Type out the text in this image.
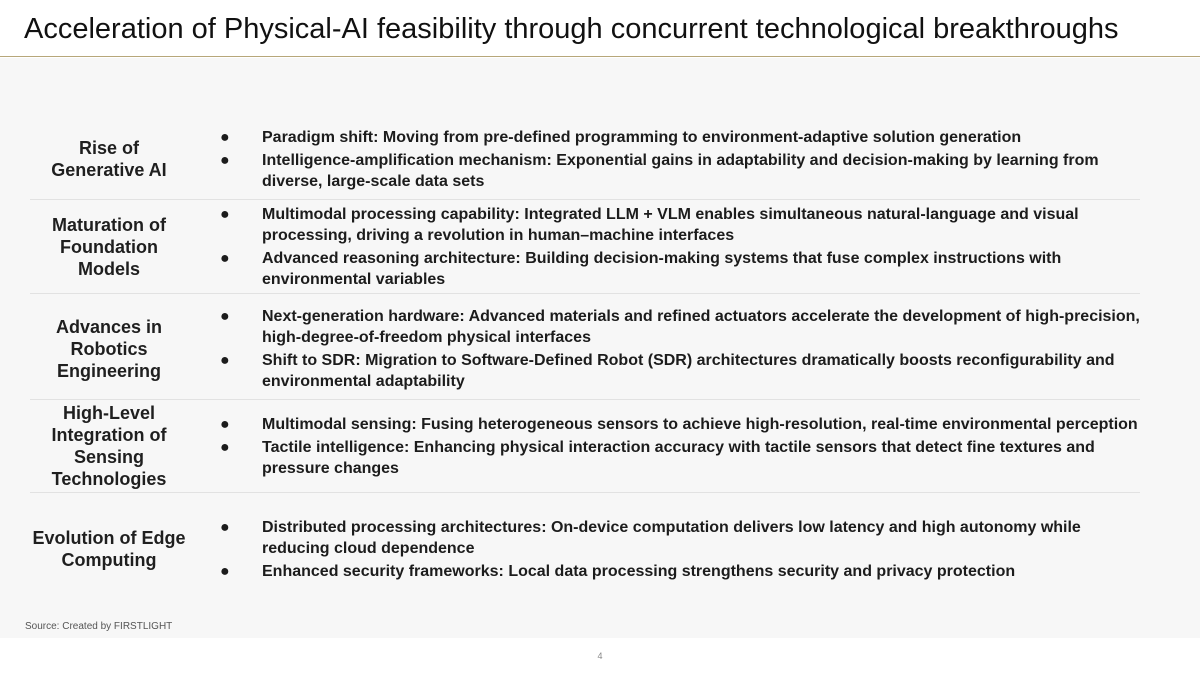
Acceleration of Physical-AI feasibility through concurrent technological breakthroughs
Rise of Generative AI
● Paradigm shift: Moving from pre-defined programming to environment-adaptive solution generation
● Intelligence-amplification mechanism: Exponential gains in adaptability and decision-making by learning from diverse, large-scale data sets
Maturation of Foundation Models
● Multimodal processing capability: Integrated LLM + VLM enables simultaneous natural-language and visual processing, driving a revolution in human–machine interfaces
● Advanced reasoning architecture: Building decision-making systems that fuse complex instructions with environmental variables
Advances in Robotics Engineering
● Next-generation hardware: Advanced materials and refined actuators accelerate the development of high-precision, high-degree-of-freedom physical interfaces
● Shift to SDR: Migration to Software-Defined Robot (SDR) architectures dramatically boosts reconfigurability and environmental adaptability
High-Level Integration of Sensing Technologies
● Multimodal sensing: Fusing heterogeneous sensors to achieve high-resolution, real-time environmental perception
● Tactile intelligence: Enhancing physical interaction accuracy with tactile sensors that detect fine textures and pressure changes
Evolution of Edge Computing
● Distributed processing architectures: On-device computation delivers low latency and high autonomy while reducing cloud dependence
● Enhanced security frameworks: Local data processing strengthens security and privacy protection
Source: Created by FIRSTLIGHT
4
